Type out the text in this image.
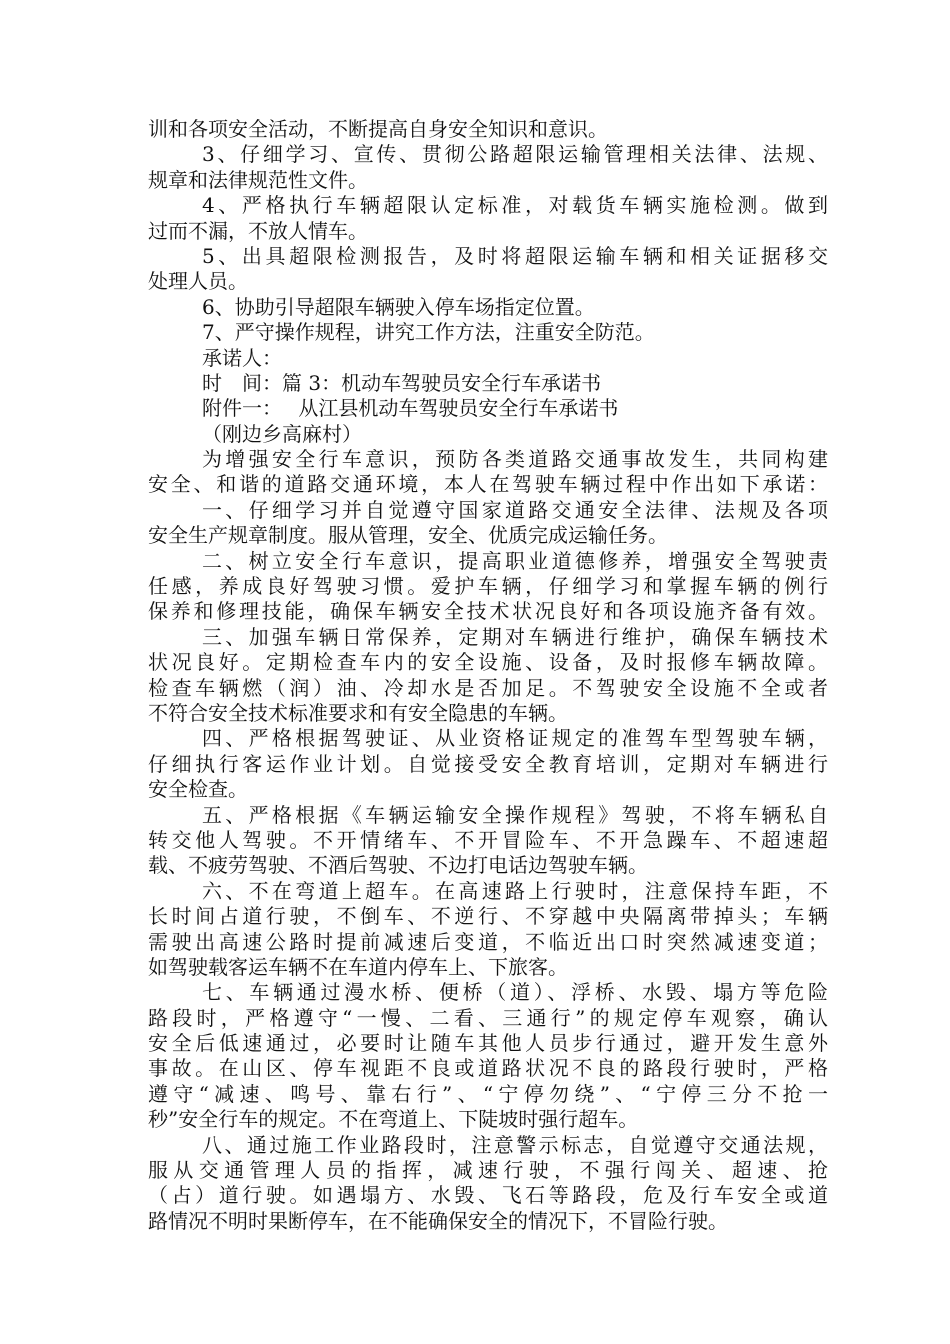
训和各项安全活动，不断提高自身安全知识和意识。
3、仔细学习、宣传、贯彻公路超限运输管理相关法律、法规、
规章和法律规范性文件。
4、严格执行车辆超限认定标准，对载货车辆实施检测。做到
过而不漏，不放人情车。
5、出具超限检测报告，及时将超限运输车辆和相关证据移交
处理人员。
6、协助引导超限车辆驶入停车场指定位置。
7、严守操作规程，讲究工作方法，注重安全防范。
承诺人：
时　间：篇 3：机动车驾驶员安全行车承诺书
附件一：　 从江县机动车驾驶员安全行车承诺书
（刚边乡高麻村）
为增强安全行车意识，预防各类道路交通事故发生，共同构建
安全、和谐的道路交通环境，本人在驾驶车辆过程中作出如下承诺：
一、仔细学习并自觉遵守国家道路交通安全法律、法规及各项
安全生产规章制度。服从管理，安全、优质完成运输任务。
二、树立安全行车意识，提高职业道德修养，增强安全驾驶责
任感，养成良好驾驶习惯。爱护车辆，仔细学习和掌握车辆的例行
保养和修理技能，确保车辆安全技术状况良好和各项设施齐备有效。
三、加强车辆日常保养，定期对车辆进行维护，确保车辆技术
状况良好。定期检查车内的安全设施、设备，及时报修车辆故障。
检查车辆燃（润）油、冷却水是否加足。不驾驶安全设施不全或者
不符合安全技术标准要求和有安全隐患的车辆。
四、严格根据驾驶证、从业资格证规定的准驾车型驾驶车辆，
仔细执行客运作业计划。自觉接受安全教育培训，定期对车辆进行
安全检查。
五、严格根据《车辆运输安全操作规程》驾驶，不将车辆私自
转交他人驾驶。不开情绪车、不开冒险车、不开急躁车、不超速超
载、不疲劳驾驶、不酒后驾驶、不边打电话边驾驶车辆。
六、不在弯道上超车。在高速路上行驶时，注意保持车距，不
长时间占道行驶，不倒车、不逆行、不穿越中央隔离带掉头；车辆
需驶出高速公路时提前减速后变道，不临近出口时突然减速变道；
如驾驶载客运车辆不在车道内停车上、下旅客。
七、车辆通过漫水桥、便桥（道）、浮桥、水毁、塌方等危险
路段时，严格遵守“一慢、二看、三通行”的规定停车观察，确认
安全后低速通过，必要时让随车其他人员步行通过，避开发生意外
事故。在山区、停车视距不良或道路状况不良的路段行驶时，严格
遵守“减速、鸣号、靠右行”、“宁停勿绕”、“宁停三分不抢一
秒”安全行车的规定。不在弯道上、下陡坡时强行超车。
八、通过施工作业路段时，注意警示标志，自觉遵守交通法规，
服从交通管理人员的指挥，减速行驶，不强行闯关、超速、抢
（占）道行驶。如遇塌方、水毁、飞石等路段，危及行车安全或道
路情况不明时果断停车，在不能确保安全的情况下，不冒险行驶。
